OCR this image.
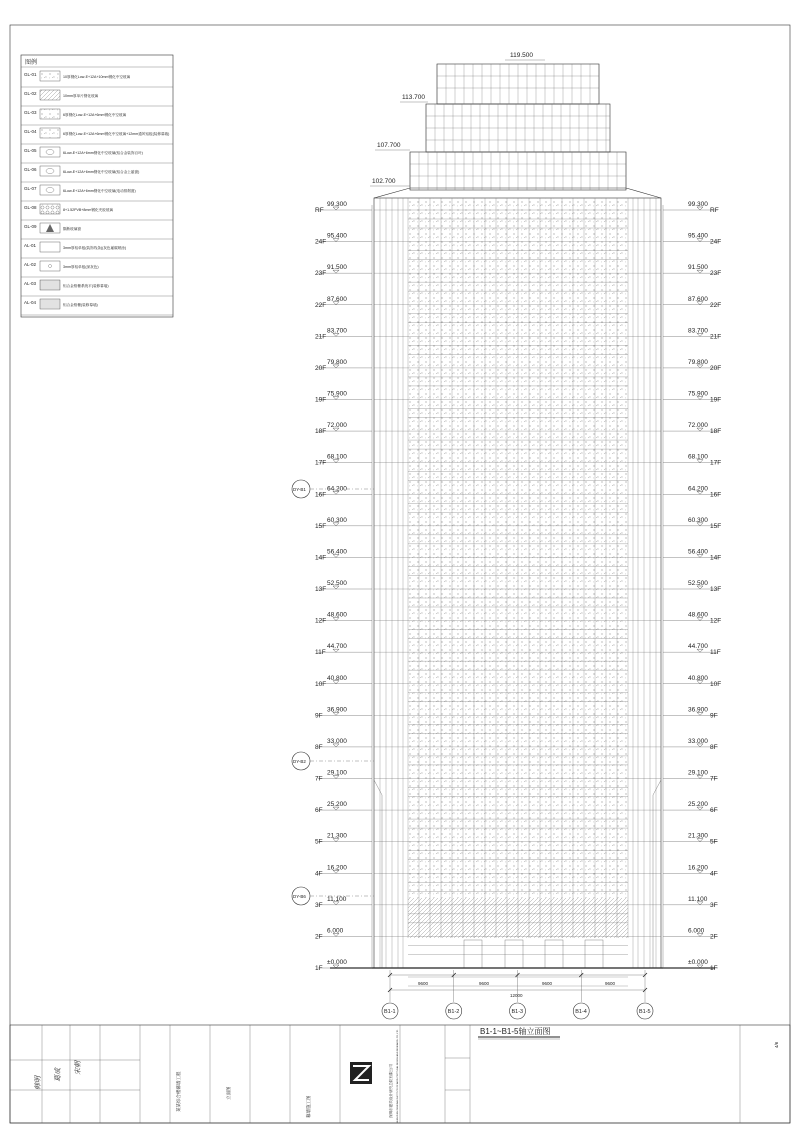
图例
GL-01	10厚钢化Low-E+12A+10mm钢化中空玻璃
GL-02	10mm厚单片钢化玻璃
GL-03	6厚钢化Low-E+12A+6mm钢化中空玻璃
GL-04	6厚钢化Low-E+12A+6mm钢化中空玻璃+12mm通风铝板(装修幕墙)
GL-05	6Low-E+12A+6mm钢化中空玻璃(铝合金装饰百叶)
GL-06	6Low-E+12A+6mm钢化中空玻璃(铝合金上悬窗)
GL-07	6Low-E+12A+6mm钢化中空玻璃(电动排烟窗)
GL-08	8+1.52PVB+8mm钢化夹胶玻璃
GL-09	隔断玻璃窗
AL-01	3mm厚铝单板(装饰线条)(灰色氟碳喷涂)
AL-02	3mm厚铝单板(深灰色)
AL-03	铝合金格栅系统平(装修幕墙)
AL-04	铝合金格栅(装修幕墙)
119.500
113.700
107.700
102.700
RF
99.300
24F
95.400
23F
91.500
22F
87.600
21F
83.700
20F
79.800
19F
75.900
18F
72.000
17F
68.100
16F
64.200
15F
60.300
14F
56.400
13F
52.500
12F
48.600
11F
44.700
10F
40.800
9F
36.900
8F
33.000
7F
29.100
6F
25.200
5F
21.300
4F
16.200
3F
11.100
2F
6.000
1F
±0.000
99.300
RF
95.400
24F
91.500
23F
87.600
22F
83.700
21F
79.800
20F
75.900
19F
72.000
18F
68.100
17F
64.200
16F
60.300
15F
56.400
14F
52.500
13F
48.600
12F
44.700
11F
40.800
10F
36.900
9F
33.000
8F
29.100
7F
25.200
6F
21.300
5F
16.200
4F
11.100
3F
6.000
2F
±0.000
1F
DY-B1
DY-B2
DY-B6
9600	9600	9600	9600
12000
B1-1	B1-2	B1-3	B1-4	B1-5
B1-1~B1-5轴立面图
宋朝
葛成
韩明	某某综合楼幕墙工程	立面图
幕墙施工图	深圳市建筑设计研究总院有限公司	SHENZHEN GENERAL INSTITUTE OF ARCHITECTURAL DESIGN AND RESEARCH CO.,LTD	4/6
